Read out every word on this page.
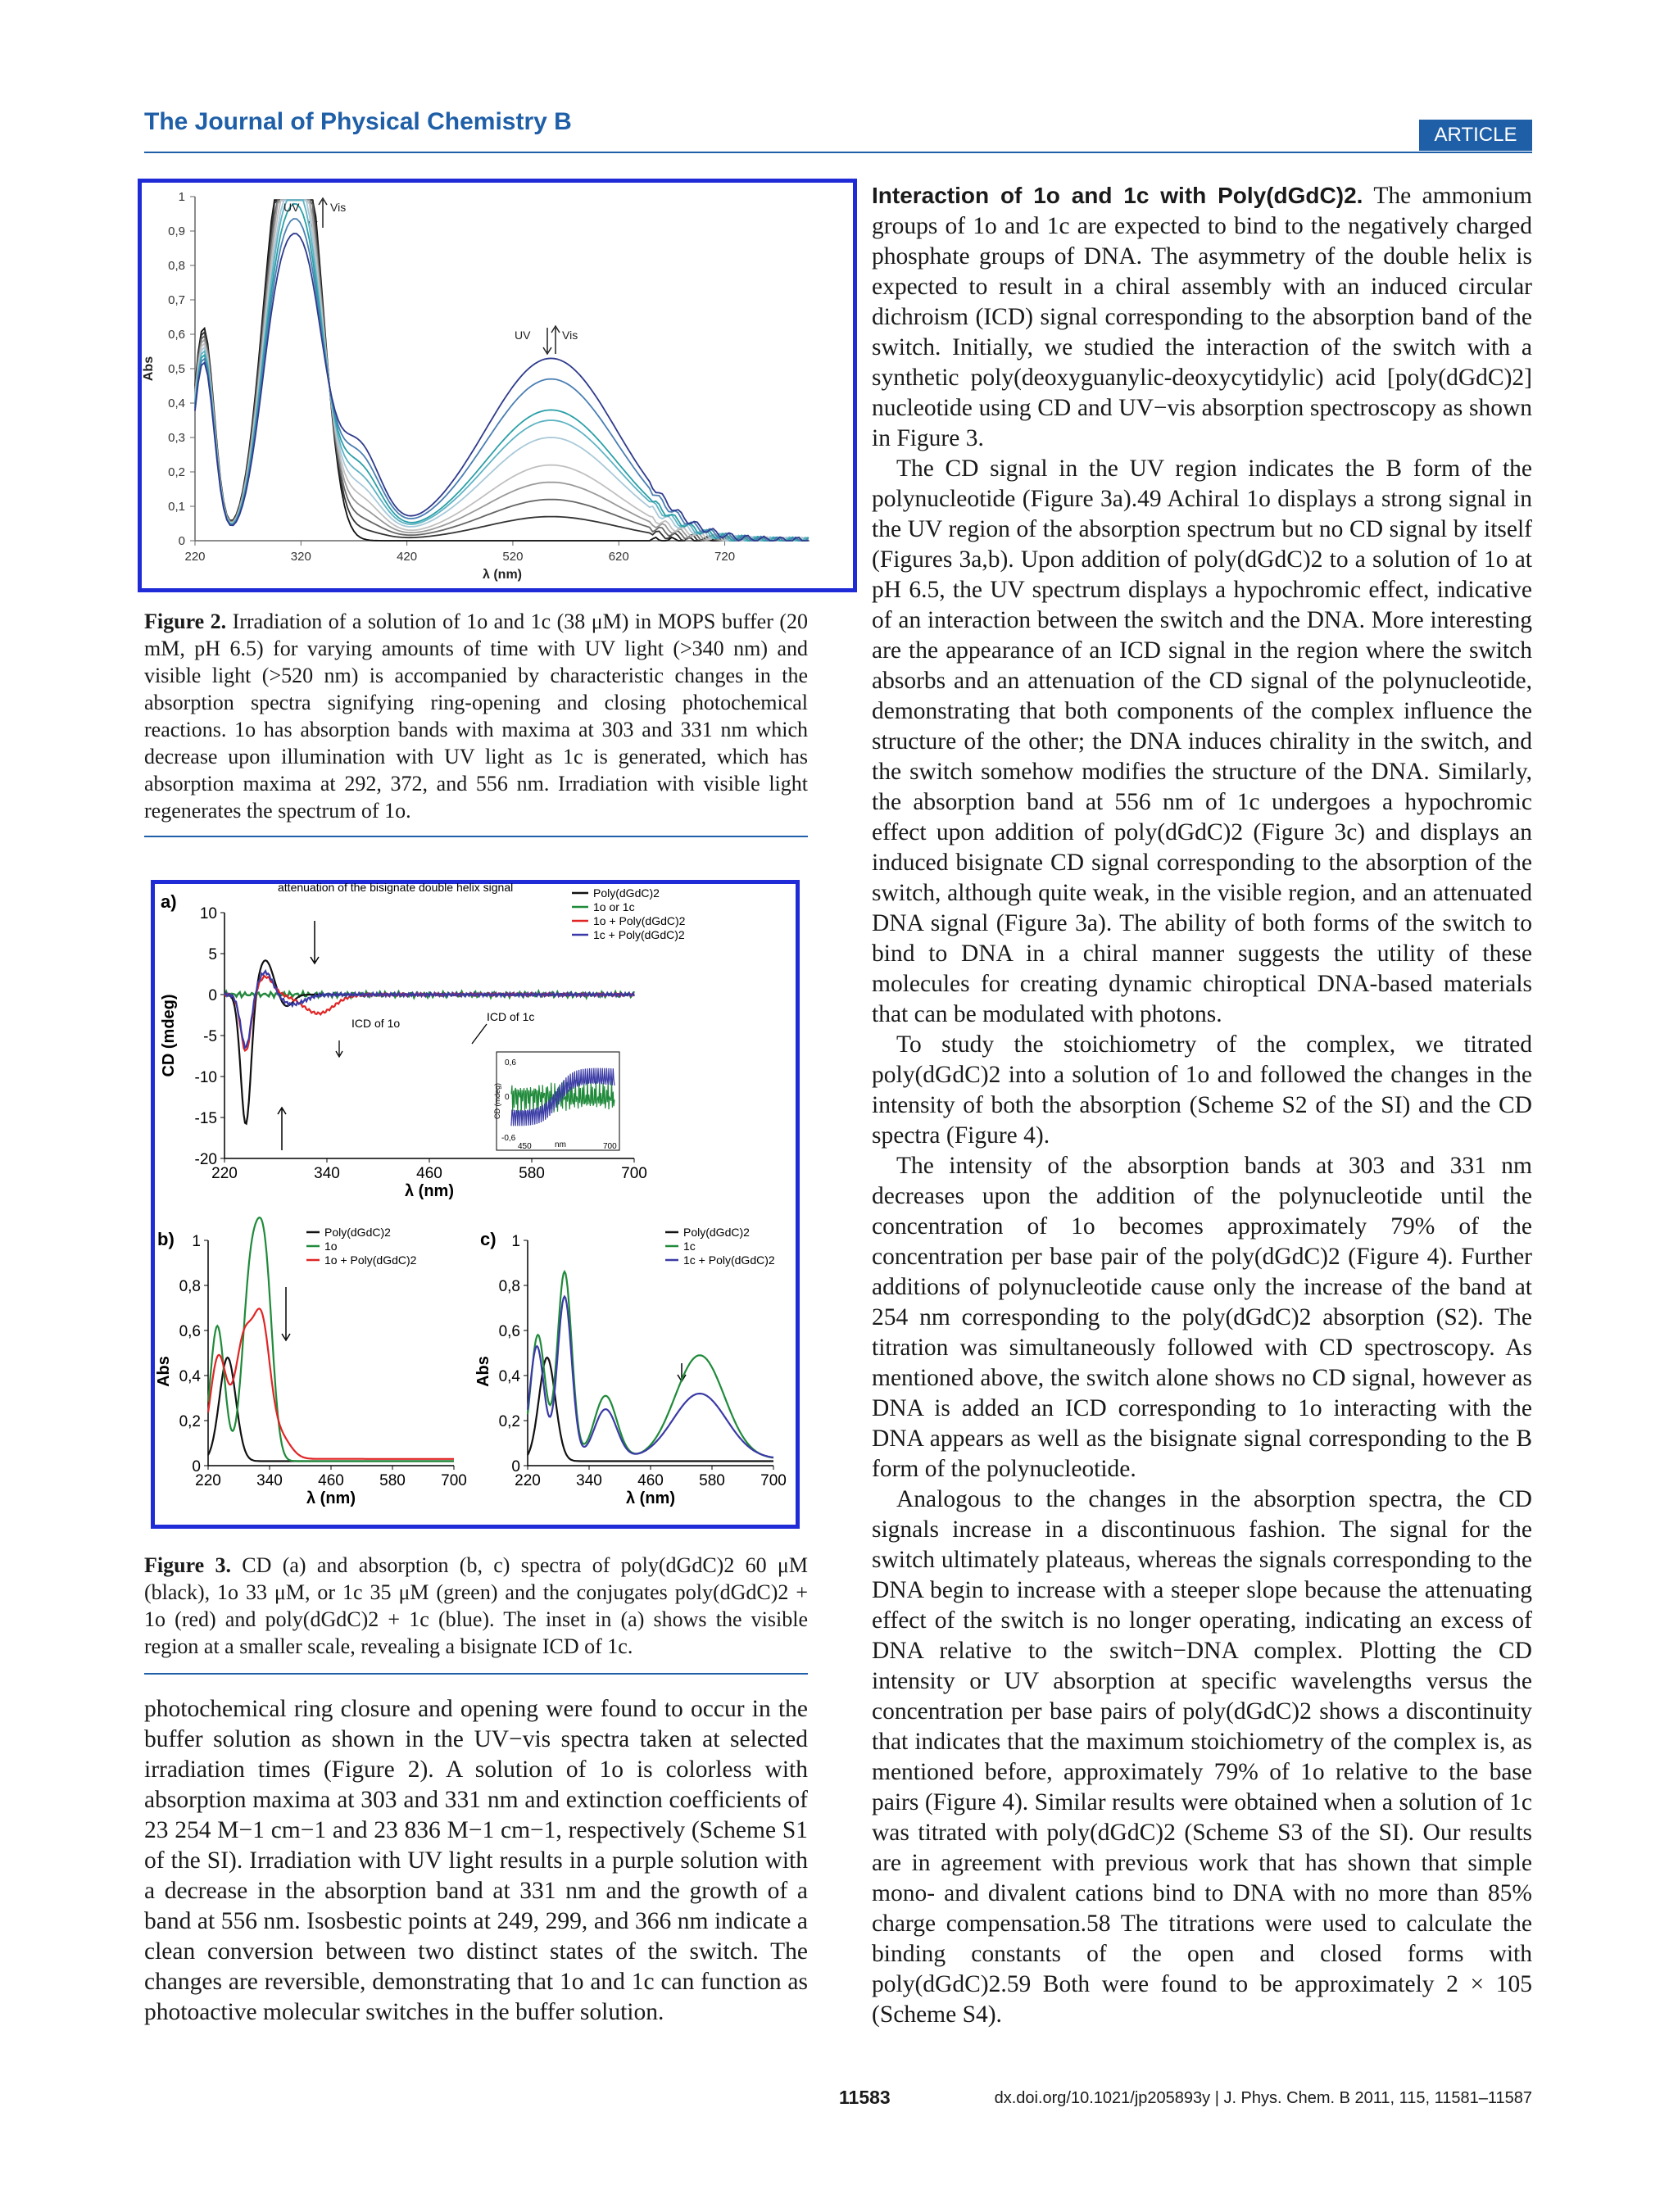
The Journal of Physical Chemistry B	ARTICLE
0
0,1
0,2
0,3
0,4
0,5
0,6
0,7
0,8
0,9
1
220	320	420	520	620	720
λ (nm)
Abs
UV	Vis
UV	Vis
Figure 2. Irradiation of a solution of 1o and 1c (38 μM) in MOPS buffer (20 mM, pH 6.5) for varying amounts of time with UV light (>340 nm) and visible light (>520 nm) is accompanied by characteristic changes in the absorption spectra signifying ring-opening and closing photochemical reactions. 1o has absorption bands with maxima at 303 and 331 nm which decrease upon illumination with UV light as 1c is generated, which has absorption maxima at 292, 372, and 556 nm. Irradiation with visible light regenerates the spectrum of 1o.
10
5
0
-5
-10
-15
-20
220	340	460	580	700
λ (nm)
a)
CD (mdeg)
Poly(dGdC)2
1o or 1c
1o + Poly(dGdC)2
1c + Poly(dGdC)2
attenuation of the bisignate double helix signal
ICD of 1c
ICD of 1o
0,6
0
-0,6
450	700
nm
CD (mdeg)
0
0,2
0,4
0,6
0,8
1
220 340 460 580 700
λ (nm)
b)
Abs
Poly(dGdC)2
1o
1o + Poly(dGdC)2
0
0,2
0,4
0,6
0,8
1
220 340 460 580 700
λ (nm)
c)
Abs
Poly(dGdC)2
1c
1c + Poly(dGdC)2
Figure 3. CD (a) and absorption (b, c) spectra of poly(dGdC)2 60 μM (black), 1o 33 μM, or 1c 35 μM (green) and the conjugates poly(dGdC)2 + 1o (red) and poly(dGdC)2 + 1c (blue). The inset in (a) shows the visible region at a smaller scale, revealing a bisignate ICD of 1c.

photochemical ring closure and opening were found to occur in the buffer solution as shown in the UV−vis spectra taken at selected irradiation times (Figure 2). A solution of 1o is colorless with absorption maxima at 303 and 331 nm and extinction coefficients of 23 254 M−1 cm−1 and 23 836 M−1 cm−1, respectively (Scheme S1 of the SI). Irradiation with UV light results in a purple solution with a decrease in the absorption band at 331 nm and the growth of a band at 556 nm. Isosbestic points at 249, 299, and 366 nm indicate a clean conversion between two distinct states of the switch. The changes are reversible, demonstrating that 1o and 1c can function as photoactive molecular switches in the buffer solution.

Interaction of 1o and 1c with Poly(dGdC)2. The ammonium groups of 1o and 1c are expected to bind to the negatively charged phosphate groups of DNA. The asymmetry of the double helix is expected to result in a chiral assembly with an induced circular dichroism (ICD) signal corresponding to the absorption band of the switch. Initially, we studied the interaction of the switch with a synthetic poly(deoxyguanylic-deoxycytidylic) acid [poly(dGdC)2] nucleotide using CD and UV−vis absorption spectroscopy as shown in Figure 3.

The CD signal in the UV region indicates the B form of the polynucleotide (Figure 3a).49 Achiral 1o displays a strong signal in the UV region of the absorption spectrum but no CD signal by itself (Figures 3a,b). Upon addition of poly(dGdC)2 to a solution of 1o at pH 6.5, the UV spectrum displays a hypochromic effect, indicative of an interaction between the switch and the DNA. More interesting are the appearance of an ICD signal in the region where the switch absorbs and an attenuation of the CD signal of the polynucleotide, demonstrating that both components of the complex influence the structure of the other; the DNA induces chirality in the switch, and the switch somehow modifies the structure of the DNA. Similarly, the absorption band at 556 nm of 1c undergoes a hypochromic effect upon addition of poly(dGdC)2 (Figure 3c) and displays an induced bisignate CD signal corresponding to the absorption of the switch, although quite weak, in the visible region, and an attenuated DNA signal (Figure 3a). The ability of both forms of the switch to bind to DNA in a chiral manner suggests the utility of these molecules for creating dynamic chiroptical DNA-based materials that can be modulated with photons.

To study the stoichiometry of the complex, we titrated poly(dGdC)2 into a solution of 1o and followed the changes in the intensity of both the absorption (Scheme S2 of the SI) and the CD spectra (Figure 4).

The intensity of the absorption bands at 303 and 331 nm decreases upon the addition of the polynucleotide until the concentration of 1o becomes approximately 79% of the concentration per base pair of the poly(dGdC)2 (Figure 4). Further additions of polynucleotide cause only the increase of the band at 254 nm corresponding to the poly(dGdC)2 absorption (S2). The titration was simultaneously followed with CD spectroscopy. As mentioned above, the switch alone shows no CD signal, however as DNA is added an ICD corresponding to 1o interacting with the DNA appears as well as the bisignate signal corresponding to the B form of the polynucleotide.

Analogous to the changes in the absorption spectra, the CD signals increase in a discontinuous fashion. The signal for the switch ultimately plateaus, whereas the signals corresponding to the DNA begin to increase with a steeper slope because the attenuating effect of the switch is no longer operating, indicating an excess of DNA relative to the switch−DNA complex. Plotting the CD intensity or UV absorption at specific wavelengths versus the concentration per base pairs of poly(dGdC)2 shows a discontinuity that indicates that the maximum stoichiometry of the complex is, as mentioned before, approximately 79% of 1o relative to the base pairs (Figure 4). Similar results were obtained when a solution of 1c was titrated with poly(dGdC)2 (Scheme S3 of the SI). Our results are in agreement with previous work that has shown that simple mono- and divalent cations bind to DNA with no more than 85% charge compensation.58 The titrations were used to calculate the binding constants of the open and closed forms with poly(dGdC)2.59 Both were found to be approximately 2 × 105 (Scheme S4).

11583	dx.doi.org/10.1021/jp205893y | J. Phys. Chem. B 2011, 115, 11581–11587
